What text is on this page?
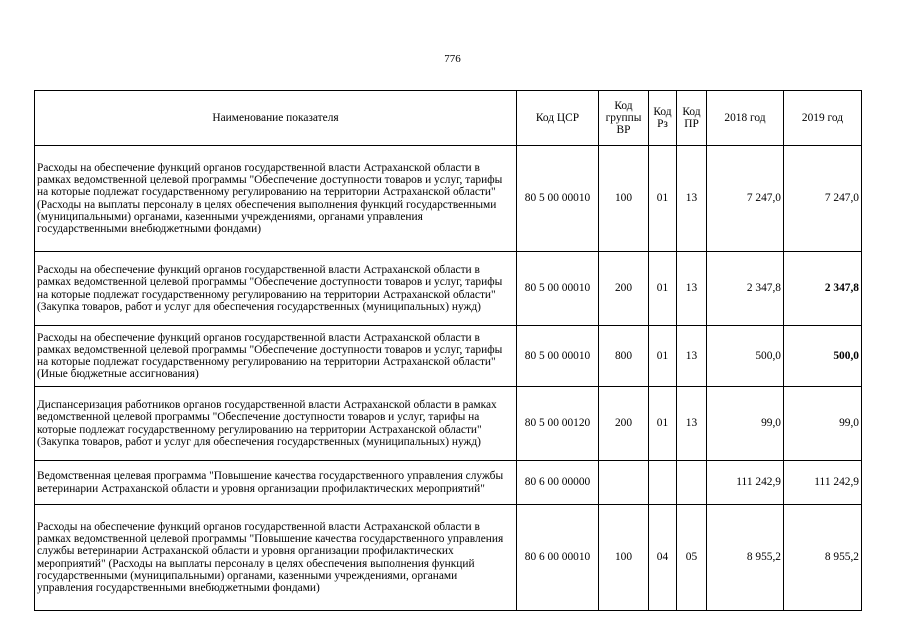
776
Наименование показателя	Код ЦСР	Код группы ВР	Код Рз	Код ПР	2018 год	2019 год
Расходы на обеспечение функций органов государственной власти Астраханской области в рамках ведомственной целевой программы "Обеспечение доступности товаров и услуг, тарифы на которые подлежат государственному регулированию на территории Астраханской области" (Расходы на выплаты персоналу в целях обеспечения выполнения функций государственными (муниципальными) органами, казенными учреждениями, органами управления государственными внебюджетными фондами)	80 5 00 00010	100	01	13	7 247,0	7 247,0
Расходы на обеспечение функций органов государственной власти Астраханской области в рамках ведомственной целевой программы "Обеспечение доступности товаров и услуг, тарифы на которые подлежат государственному регулированию на территории Астраханской области" (Закупка товаров, работ и услуг для обеспечения государственных (муниципальных) нужд)	80 5 00 00010	200	01	13	2 347,8	2 347,8
Расходы на обеспечение функций органов государственной власти Астраханской области в рамках ведомственной целевой программы "Обеспечение доступности товаров и услуг, тарифы на которые подлежат государственному регулированию на территории Астраханской области" (Иные бюджетные ассигнования)	80 5 00 00010	800	01	13	500,0	500,0
Диспансеризация работников органов государственной власти Астраханской области в рамках ведомственной целевой программы "Обеспечение доступности товаров и услуг, тарифы на которые подлежат государственному регулированию на территории Астраханской области" (Закупка товаров, работ и услуг для обеспечения государственных (муниципальных) нужд)	80 5 00 00120	200	01	13	99,0	99,0
Ведомственная целевая программа "Повышение качества государственного управления службы ветеринарии Астраханской области и уровня организации профилактических мероприятий"	80 6 00 00000				111 242,9	111 242,9
Расходы на обеспечение функций органов государственной власти Астраханской области в рамках ведомственной целевой программы "Повышение качества государственного управления службы ветеринарии Астраханской области и уровня организации профилактических мероприятий" (Расходы на выплаты персоналу в целях обеспечения выполнения функций государственными (муниципальными) органами, казенными учреждениями, органами управления государственными внебюджетными фондами)	80 6 00 00010	100	04	05	8 955,2	8 955,2
